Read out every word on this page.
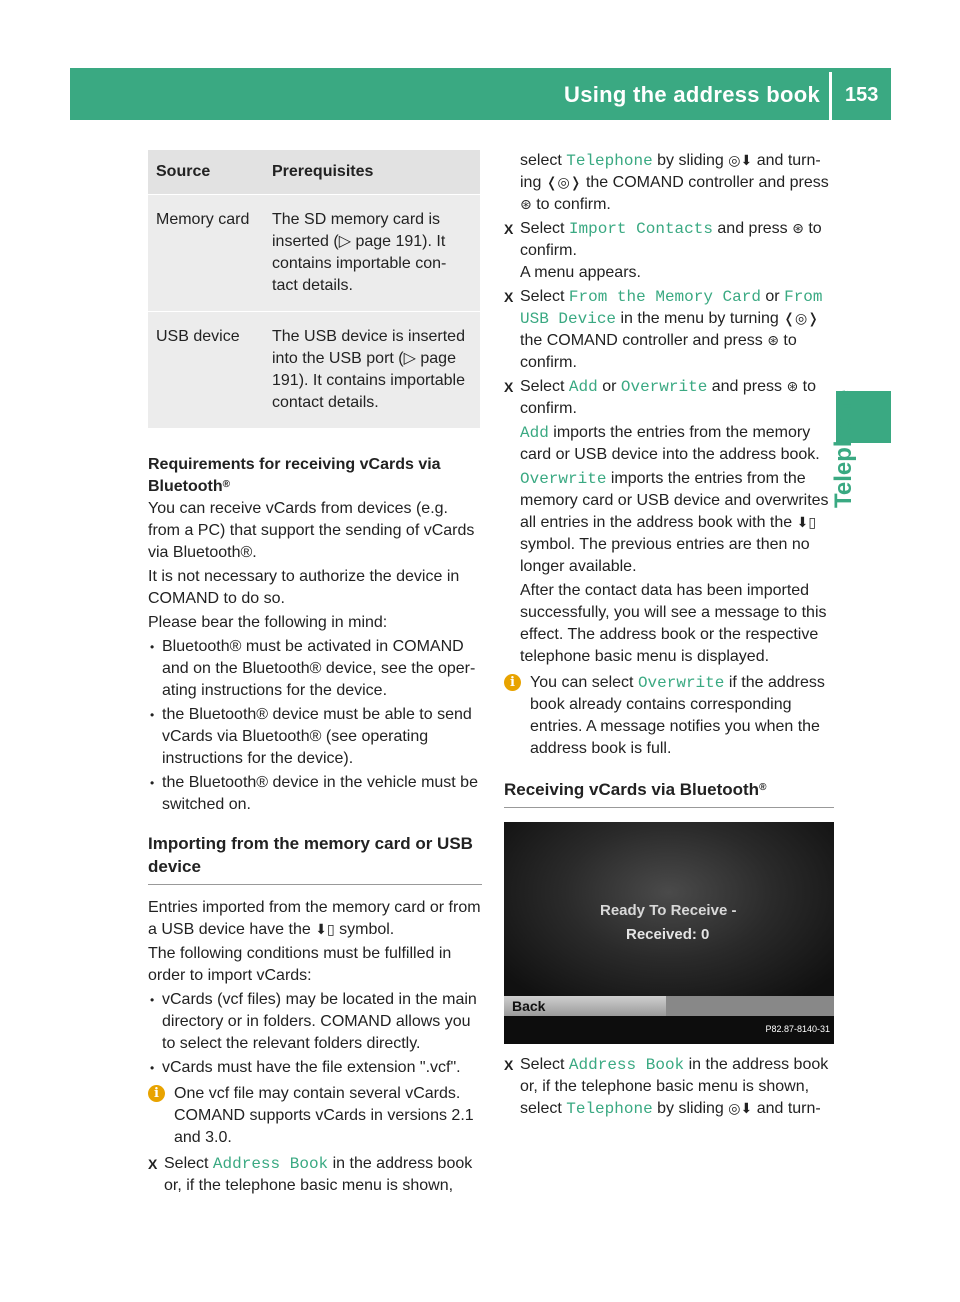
Using the address book 153
Telephone
Source	Prerequisites
Memory card	The SD memory card is inserted (▷ page 191). It contains importable con-tact details.
USB device	The USB device is inserted into the USB port (▷ page 191). It contains importable contact details.

Requirements for receiving vCards via Bluetooth®

You can receive vCards from devices (e.g. from a PC) that support the sending of vCards via Bluetooth®.

It is not necessary to authorize the device in COMAND to do so.

Please bear the following in mind:

• Bluetooth® must be activated in COMAND and on the Bluetooth® device, see the oper-ating instructions for the device.
• the Bluetooth® device must be able to send vCards via Bluetooth® (see operating instructions for the device).
• the Bluetooth® device in the vehicle must be switched on.

Importing from the memory card or USB device

Entries imported from the memory card or from a USB device have the ⬇▯ symbol.

The following conditions must be fulfilled in order to import vCards:

• vCards (vcf files) may be located in the main directory or in folders. COMAND allows you to select the relevant folders directly.
• vCards must have the file extension ".vcf".
i One vcf file may contain several vCards. COMAND supports vCards in versions 2.1 and 3.0.
X Select Address Book in the address book or, if the telephone basic menu is shown,

select Telephone by sliding ◎⬇ and turn-ing ❬◎❭ the COMAND controller and press ⊛ to confirm.

X Select Import Contacts and press ⊛ to confirm.
A menu appears.
X Select From the Memory Card or From USB Device in the menu by turning ❬◎❭ the COMAND controller and press ⊛ to confirm.
X Select Add or Overwrite and press ⊛ to confirm.

Add imports the entries from the memory card or USB device into the address book.

Overwrite imports the entries from the memory card or USB device and overwrites all entries in the address book with the ⬇▯ symbol. The previous entries are then no longer available.

After the contact data has been imported successfully, you will see a message to this effect. The address book or the respective telephone basic menu is displayed.

i You can select Overwrite if the address book already contains corresponding entries. A message notifies you when the address book is full.

Receiving vCards via Bluetooth®

Ready To Receive -
Received: 0
Back
P82.87-8140-31
X Select Address Book in the address book or, if the telephone basic menu is shown,
select Telephone by sliding ◎⬇ and turn-
